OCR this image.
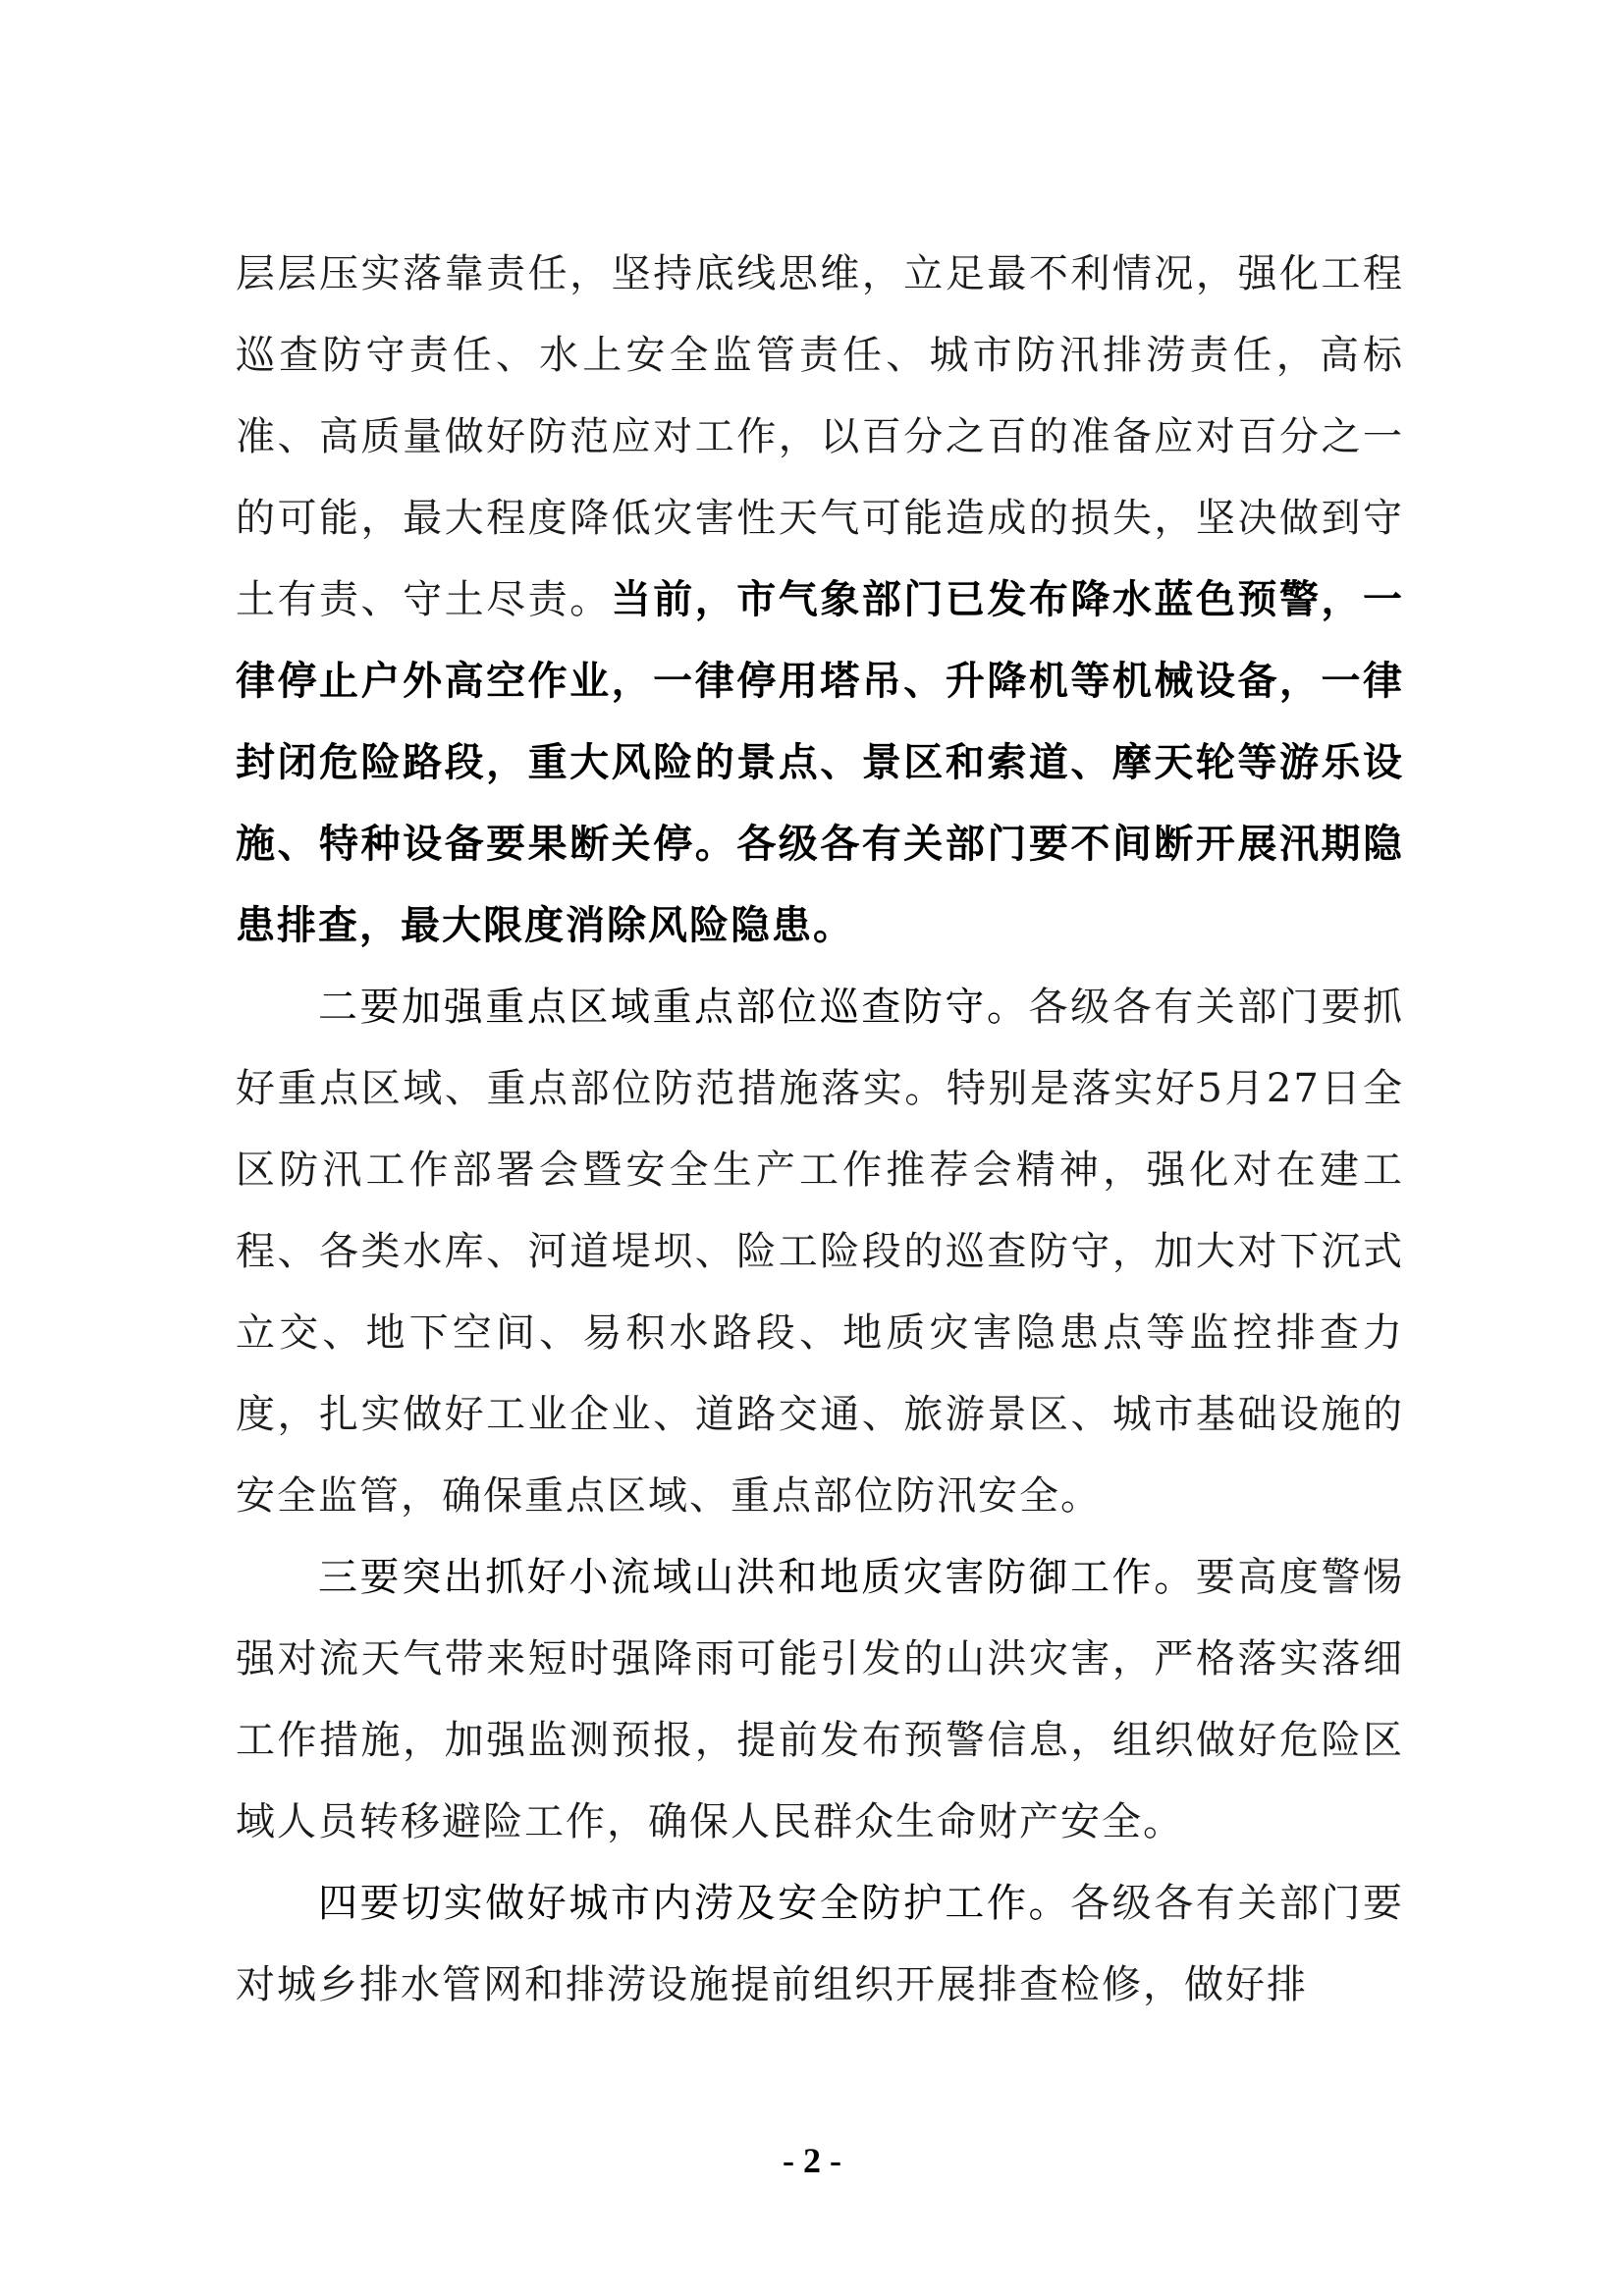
层层压实落靠责任，坚持底线思维，立足最不利情况，强化工程巡查防守责任、水上安全监管责任、城市防汛排涝责任，高标准、高质量做好防范应对工作，以百分之百的准备应对百分之一的可能，最大程度降低灾害性天气可能造成的损失，坚决做到守土有责、守土尽责。当前，市气象部门已发布降水蓝色预警，一律停止户外高空作业，一律停用塔吊、升降机等机械设备，一律封闭危险路段，重大风险的景点、景区和索道、摩天轮等游乐设施、特种设备要果断关停。各级各有关部门要不间断开展汛期隐患排查，最大限度消除风险隐患。

二要加强重点区域重点部位巡查防守。各级各有关部门要抓好重点区域、重点部位防范措施落实。特别是落实好5月27日全区防汛工作部署会暨安全生产工作推荐会精神，强化对在建工程、各类水库、河道堤坝、险工险段的巡查防守，加大对下沉式立交、地下空间、易积水路段、地质灾害隐患点等监控排查力度，扎实做好工业企业、道路交通、旅游景区、城市基础设施的安全监管，确保重点区域、重点部位防汛安全。

三要突出抓好小流域山洪和地质灾害防御工作。要高度警惕强对流天气带来短时强降雨可能引发的山洪灾害，严格落实落细工作措施，加强监测预报，提前发布预警信息，组织做好危险区域人员转移避险工作，确保人民群众生命财产安全。

四要切实做好城市内涝及安全防护工作。各级各有关部门要对城乡排水管网和排涝设施提前组织开展排查检修，做好排

- 2 -
